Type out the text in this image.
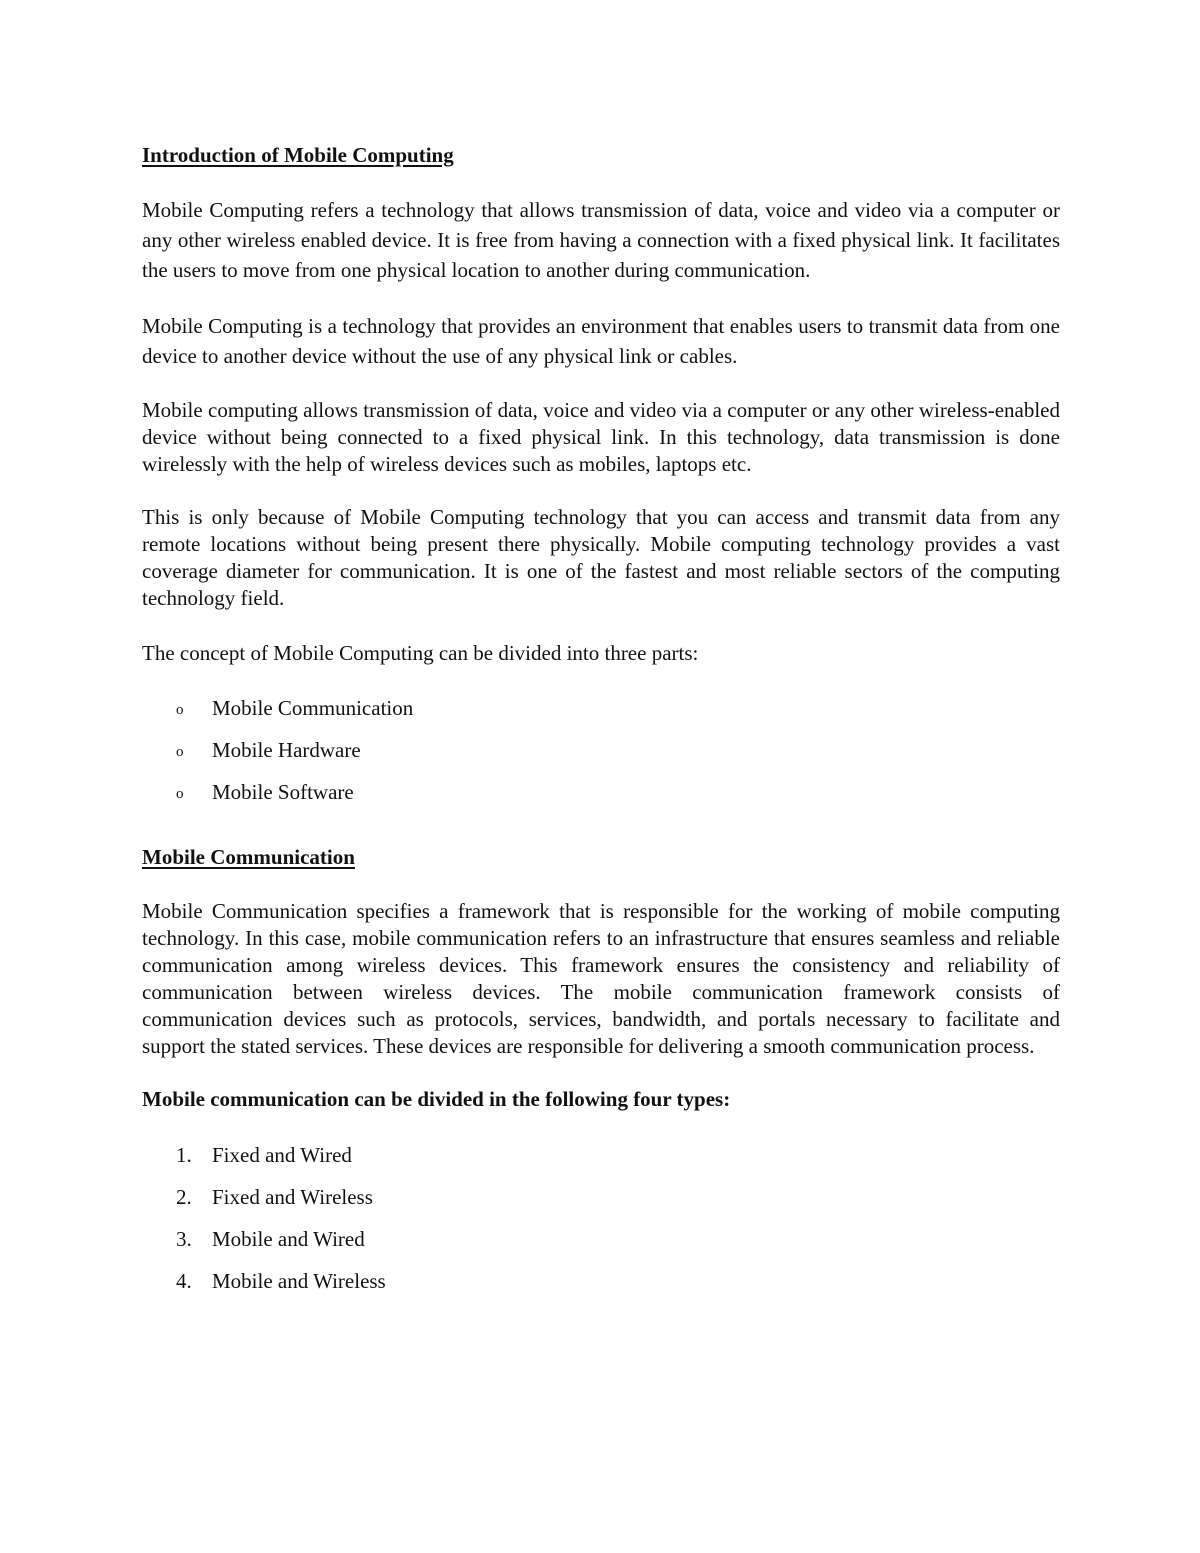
Introduction of Mobile Computing

Mobile Computing refers a technology that allows transmission of data, voice and video via a computer or any other wireless enabled device. It is free from having a connection with a fixed physical link. It facilitates the users to move from one physical location to another during communication.

Mobile Computing is a technology that provides an environment that enables users to transmit data from one device to another device without the use of any physical link or cables.

Mobile computing allows transmission of data, voice and video via a computer or any other wireless-enabled device without being connected to a fixed physical link. In this technology, data transmission is done wirelessly with the help of wireless devices such as mobiles, laptops etc.

This is only because of Mobile Computing technology that you can access and transmit data from any remote locations without being present there physically. Mobile computing technology provides a vast coverage diameter for communication. It is one of the fastest and most reliable sectors of the computing technology field.

The concept of Mobile Computing can be divided into three parts:

o Mobile Communication
o Mobile Hardware
o Mobile Software
Mobile Communication

Mobile Communication specifies a framework that is responsible for the working of mobile computing technology. In this case, mobile communication refers to an infrastructure that ensures seamless and reliable communication among wireless devices. This framework ensures the consistency and reliability of communication between wireless devices. The mobile communication framework consists of communication devices such as protocols, services, bandwidth, and portals necessary to facilitate and support the stated services. These devices are responsible for delivering a smooth communication process.

Mobile communication can be divided in the following four types:
1. Fixed and Wired
2. Fixed and Wireless
3. Mobile and Wired
4. Mobile and Wireless
